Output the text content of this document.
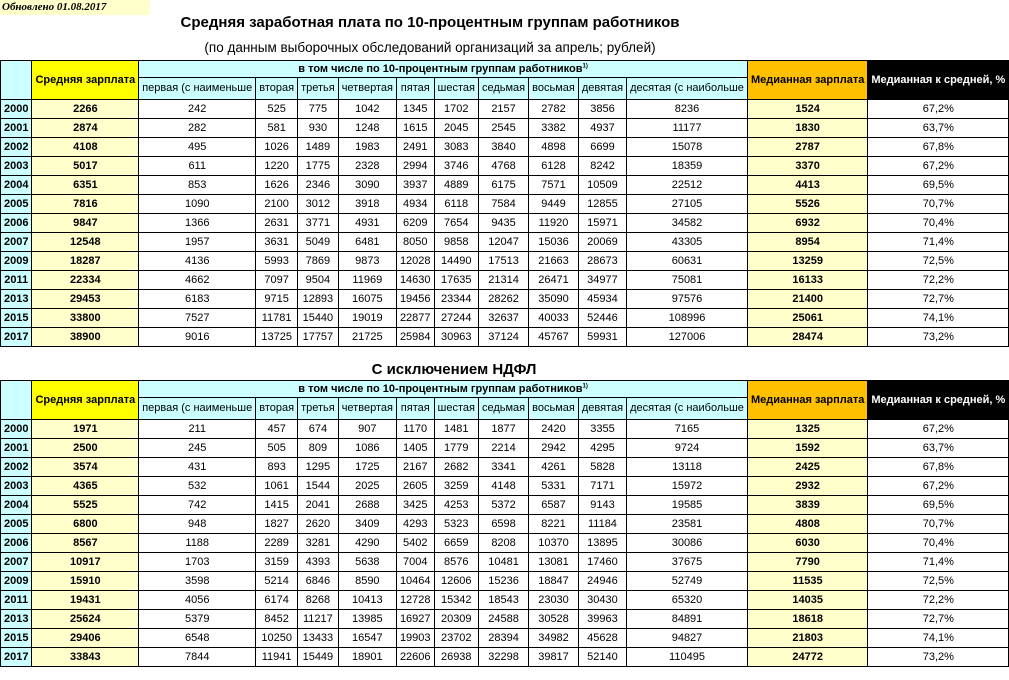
Обновлено 01.08.2017
Средняя заработная плата по 10-процентным группам работников
(по данным выборочных обследований организаций за апрель; рублей)
	Средняя зарплата	в том числе по 10-процентным группам работников$^{1)}$										Медианная зарплата	Медианная к средней, %
		первая (с наименьше	вторая	третья	четвертая	пятая	шестая	седьмая	восьмая	девятая	десятая (с наибольше		
2000	2266	242	525	775	1042	1345	1702	2157	2782	3856	8236	1524	67,2%
2001	2874	282	581	930	1248	1615	2045	2545	3382	4937	11177	1830	63,7%
2002	4108	495	1026	1489	1983	2491	3083	3840	4898	6699	15078	2787	67,8%
2003	5017	611	1220	1775	2328	2994	3746	4768	6128	8242	18359	3370	67,2%
2004	6351	853	1626	2346	3090	3937	4889	6175	7571	10509	22512	4413	69,5%
2005	7816	1090	2100	3012	3918	4934	6118	7584	9449	12855	27105	5526	70,7%
2006	9847	1366	2631	3771	4931	6209	7654	9435	11920	15971	34582	6932	70,4%
2007	12548	1957	3631	5049	6481	8050	9858	12047	15036	20069	43305	8954	71,4%
2009	18287	4136	5993	7869	9873	12028	14490	17513	21663	28673	60631	13259	72,5%
2011	22334	4662	7097	9504	11969	14630	17635	21314	26471	34977	75081	16133	72,2%
2013	29453	6183	9715	12893	16075	19456	23344	28262	35090	45934	97576	21400	72,7%
2015	33800	7527	11781	15440	19019	22877	27244	32637	40033	52446	108996	25061	74,1%
2017	38900	9016	13725	17757	21725	25984	30963	37124	45767	59931	127006	28474	73,2%
С исключением НДФЛ
	Средняя зарплата	в том числе по 10-процентным группам работников$^{1)}$										Медианная зарплата	Медианная к средней, %
		первая (с наименьше	вторая	третья	четвертая	пятая	шестая	седьмая	восьмая	девятая	десятая (с наибольше		
2000	1971	211	457	674	907	1170	1481	1877	2420	3355	7165	1325	67,2%
2001	2500	245	505	809	1086	1405	1779	2214	2942	4295	9724	1592	63,7%
2002	3574	431	893	1295	1725	2167	2682	3341	4261	5828	13118	2425	67,8%
2003	4365	532	1061	1544	2025	2605	3259	4148	5331	7171	15972	2932	67,2%
2004	5525	742	1415	2041	2688	3425	4253	5372	6587	9143	19585	3839	69,5%
2005	6800	948	1827	2620	3409	4293	5323	6598	8221	11184	23581	4808	70,7%
2006	8567	1188	2289	3281	4290	5402	6659	8208	10370	13895	30086	6030	70,4%
2007	10917	1703	3159	4393	5638	7004	8576	10481	13081	17460	37675	7790	71,4%
2009	15910	3598	5214	6846	8590	10464	12606	15236	18847	24946	52749	11535	72,5%
2011	19431	4056	6174	8268	10413	12728	15342	18543	23030	30430	65320	14035	72,2%
2013	25624	5379	8452	11217	13985	16927	20309	24588	30528	39963	84891	18618	72,7%
2015	29406	6548	10250	13433	16547	19903	23702	28394	34982	45628	94827	21803	74,1%
2017	33843	7844	11941	15449	18901	22606	26938	32298	39817	52140	110495	24772	73,2%
